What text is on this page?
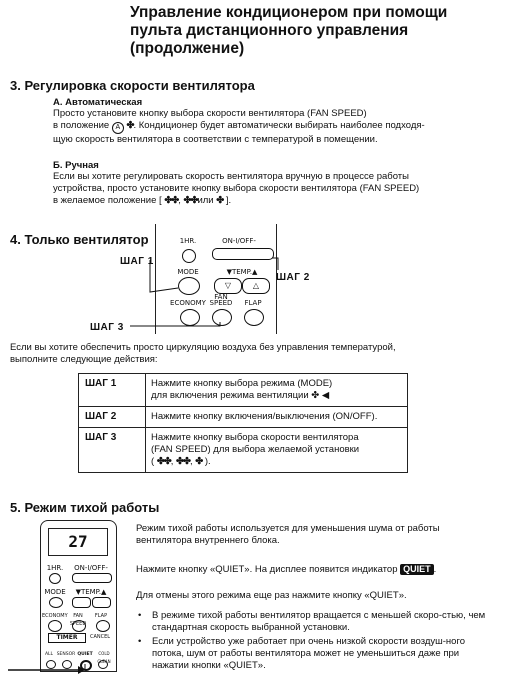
Управление кондиционером при помощи пульта дистанционного управления (продолжение)
3. Регулировка скорости вентилятора
А. Автоматическая
Просто установите кнопку выбора скорости вентилятора (FAN SPEED)
в положение A ✤. Кондиционер будет автоматически выбирать наиболее подходя-
щую скорость вентилятора в соответствии с температурой в помещении.
Б. Ручная
Если вы хотите регулировать скорость вентилятора вручную в процессе работы
устройства, просто установите кнопку выбора скорости вентилятора (FAN SPEED)
в желаемое положение [ ✤✤, ✤✤или ✤ ].
4. Только вентилятор
ШАГ 1
ШАГ 2
ШАГ 3
1HR.	ON-I/OFF-
MODE	▼TEMP.▲
▽	△
ECONOMY
FAN
SPEED	FLAP
Если вы хотите обеспечить просто циркуляцию воздуха без управления температурой,
выполните следующие действия:
ШАГ 1	Нажмите кнопку выбора режима (MODE)
для включения режима вентиляции ✤ ◀

ШАГ 2	Нажмите кнопку включения/выключения (ON/OFF).
ШАГ 3	Нажмите кнопку выбора скорости вентилятора
(FAN SPEED) для выбора желаемой установки
( ✤✤, ✤✤, ✤ ).
5. Режим тихой работы
27
1HR.	ON-I/OFF-
MODE	▼TEMP.▲
ECONOMY	FAN SPEED
FLAP
TIMER	CANCEL
ALL SENSOR QUIET	COLD CLEAN
Режим тихой работы используется для уменьшения шума от работы
вентилятора внутреннего блока.
Нажмите кнопку «QUIET». На дисплее появится индикатор QUIET .
Для отмены этого режима еще раз нажмите кнопку «QUIET».
• В режиме тихой работы вентилятор вращается с меньшей скоро-стью, чем стандартная скорость выбранной установки.
• Если устройство уже работает при очень низкой скорости воздуш-ного потока, шум от работы вентилятора может не уменьшиться даже при нажатии кнопки «QUIET».
